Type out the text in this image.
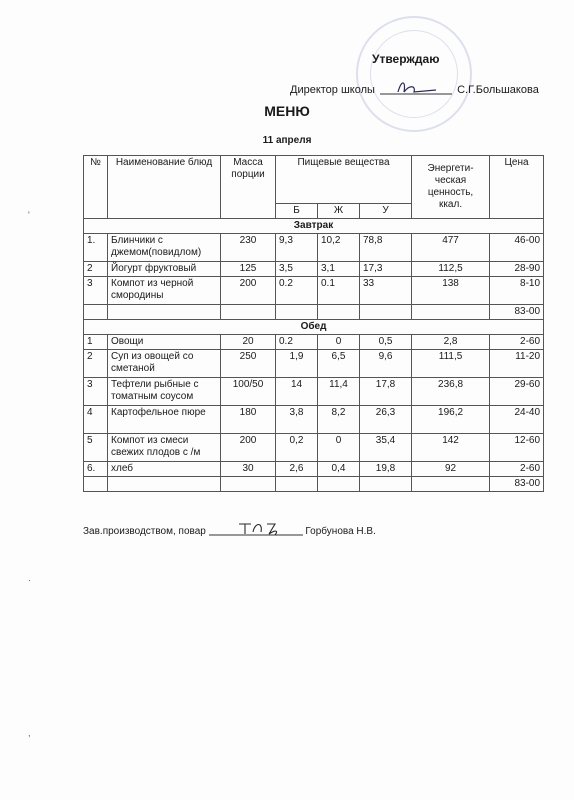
Утверждаю
Директор школы	С.Г.Большакова
МЕНЮ
11 апреля
№	Наименование блюд	Масса порции	Пищевые вещества			Энергети-ческая ценность, ккал.	Цена
			Б	Ж	У		
Завтрак							
1.	Блинчики с джемом(повидлом)	230	9,3	10,2	78,8	477	46-00
2	Йогурт фруктовый	125	3,5	3,1	17,3	112,5	28-90
3	Компот из черной смородины	200	0.2	0.1	33	138	8-10
							83-00
Обед							
1	Овощи	20	0.2	0	0,5	2,8	2-60
2	Суп из овощей со сметаной	250	1,9	6,5	9,6	111,5	11-20
3	Тефтели рыбные с томатным соусом	100/50	14	11,4	17,8	236,8	29-60
4	Картофельное пюре	180	3,8	8,2	26,3	196,2	24-40
5	Компот из смеси свежих плодов с /м	200	0,2	0	35,4	142	12-60
6.	хлеб	30	2,6	0,4	19,8	92	2-60
							83-00
Зав.производством, повар	Горбунова Н.В.
'
·
,
